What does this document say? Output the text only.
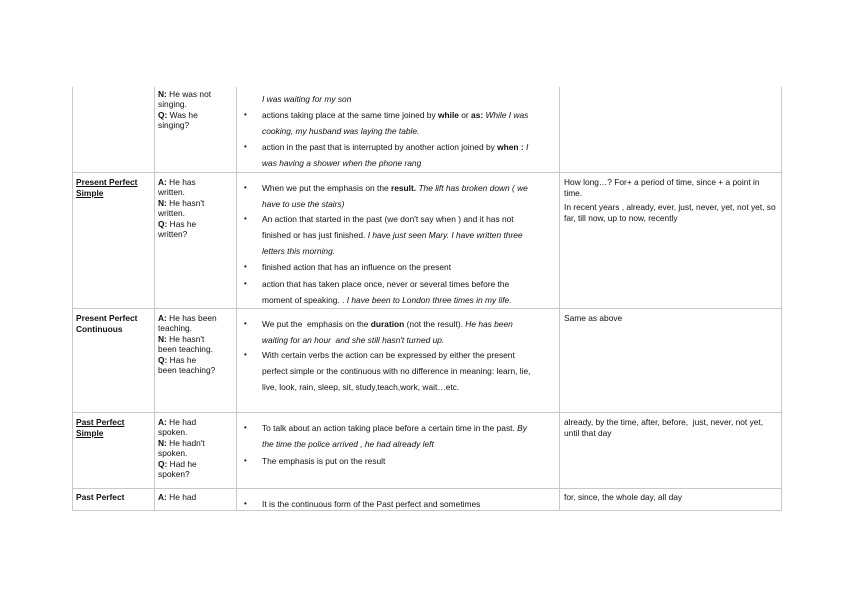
N: He was not
singing.
Q: Was he
singing?
I was waiting for my son
• actions taking place at the same time joined by while or as: While I was
cooking, my husband was laying the table.
• action in the past that is interrupted by another action joined by when : I
was having a shower when the phone rang
Present Perfect
Simple
A: He has
written.
N: He hasn't
written.
Q: Has he
written?
• When we put the emphasis on the result. The lift has broken down ( we
have to use the stairs)
• An action that started in the past (we don't say when ) and it has not
finished or has just finished. I have just seen Mary. I have written three
letters this morning.
• finished action that has an influence on the present
• action that has taken place once, never or several times before the
moment of speaking. . I have been to London three times in my life.
How long…? For+ a period of time, since + a point in time.
In recent years , already, ever, just, never, yet, not yet, so far, till now, up to now, recently
Present Perfect
Continuous
A: He has been
teaching.
N: He hasn't
been teaching.
Q: Has he
been teaching?
• We put the  emphasis on the duration (not the result). He has been
waiting for an hour  and she still hasn't turned up.
• With certain verbs the action can be expressed by either the present
perfect simple or the continuous with no difference in meaning: learn, lie,
live, look, rain, sleep, sit, study,teach,work, wait…etc.
Same as above
Past Perfect
Simple
A: He had
spoken.
N: He hadn't
spoken.
Q: Had he
spoken?
• To talk about an action taking place before a certain time in the past. By
the time the police arrived , he had already left
• The emphasis is put on the result
already, by the time, after, before,  just, never, not yet, until that day
Past Perfect	A: He had
• It is the continuous form of the Past perfect and sometimes
for, since, the whole day, all day
